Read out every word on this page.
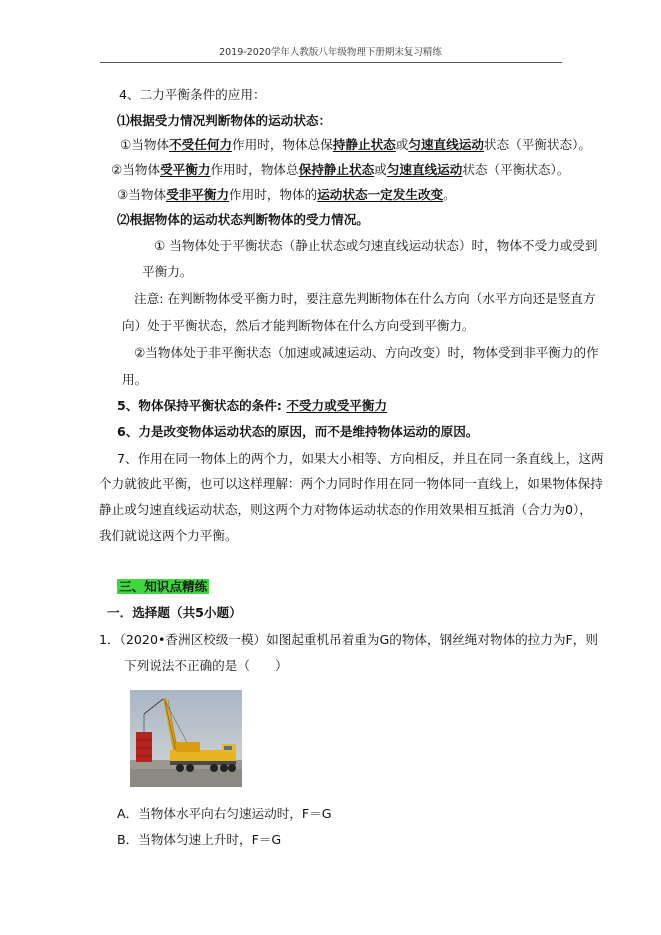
2019-2020学年人教版八年级物理下册期末复习精练
4、二力平衡条件的应用：
⑴根据受力情况判断物体的运动状态：
①当物体不受任何力作用时，物体总保持静止状态或匀速直线运动状态（平衡状态）。
②当物体受平衡力作用时，物体总保持静止状态或匀速直线运动状态（平衡状态）。
③当物体受非平衡力作用时，物体的运动状态一定发生改变。
⑵根据物体的运动状态判断物体的受力情况。
① 当物体处于平衡状态（静止状态或匀速直线运动状态）时，物体不受力或受到
平衡力。
注意: 在判断物体受平衡力时，要注意先判断物体在什么方向（水平方向还是竖直方
向）处于平衡状态，然后才能判断物体在什么方向受到平衡力。
②当物体处于非平衡状态（加速或减速运动、方向改变）时，物体受到非平衡力的作
用。
5、物体保持平衡状态的条件: 不受力或受平衡力
6、力是改变物体运动状态的原因，而不是维持物体运动的原因。
7、作用在同一物体上的两个力，如果大小相等、方向相反，并且在同一条直线上，这两
个力就彼此平衡，也可以这样理解：两个力同时作用在同一物体同一直线上，如果物体保持
静止或匀速直线运动状态，则这两个力对物体运动状态的作用效果相互抵消（合力为0），
我们就说这两个力平衡。
三、知识点精练
一．选择题（共5小题）
1．（2020•香洲区校级一模）如图起重机吊着重为G的物体，钢丝绳对物体的拉力为F，则
下列说法不正确的是（　　）
A．当物体水平向右匀速运动时，F＝G
B．当物体匀速上升时，F＝G
